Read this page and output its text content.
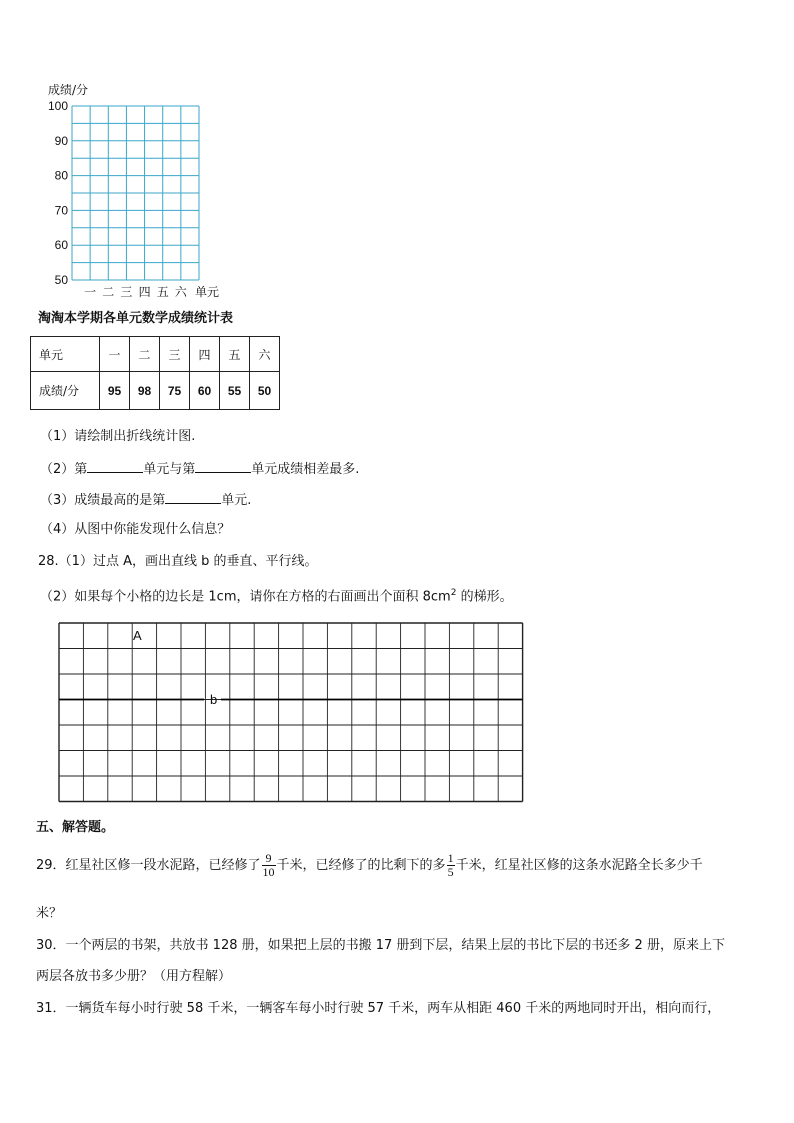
成绩/分
100
90
80
70
60
50
一 二 三 四 五 六 单元
淘淘本学期各单元数学成绩统计表
单元	一	二	三	四	五	六
成绩/分	95	98	75	60	55	50
（1）请绘制出折线统计图.
（2）第	单元与第	单元成绩相差最多.
（3）成绩最高的是第	单元.
（4）从图中你能发现什么信息？
28.（1）过点 A，画出直线 b 的垂直、平行线。
（2）如果每个小格的边长是 1cm，请你在方格的右面画出个面积 $8cm^2$ 的梯形。
A
b
五、解答题。
29．红星社区修一段水泥路，已经修了 $\frac{9}{10}$ 千米，已经修了的比剩下的多 $\frac{1}{5}$ 千米，红星社区修的这条水泥路全长多少千
米？
30．一个两层的书架，共放书 128 册，如果把上层的书搬 17 册到下层，结果上层的书比下层的书还多 2 册，原来上下
两层各放书多少册？（用方程解）
31．一辆货车每小时行驶 58 千米，一辆客车每小时行驶 57 千米，两车从相距 460 千米的两地同时开出，相向而行，
